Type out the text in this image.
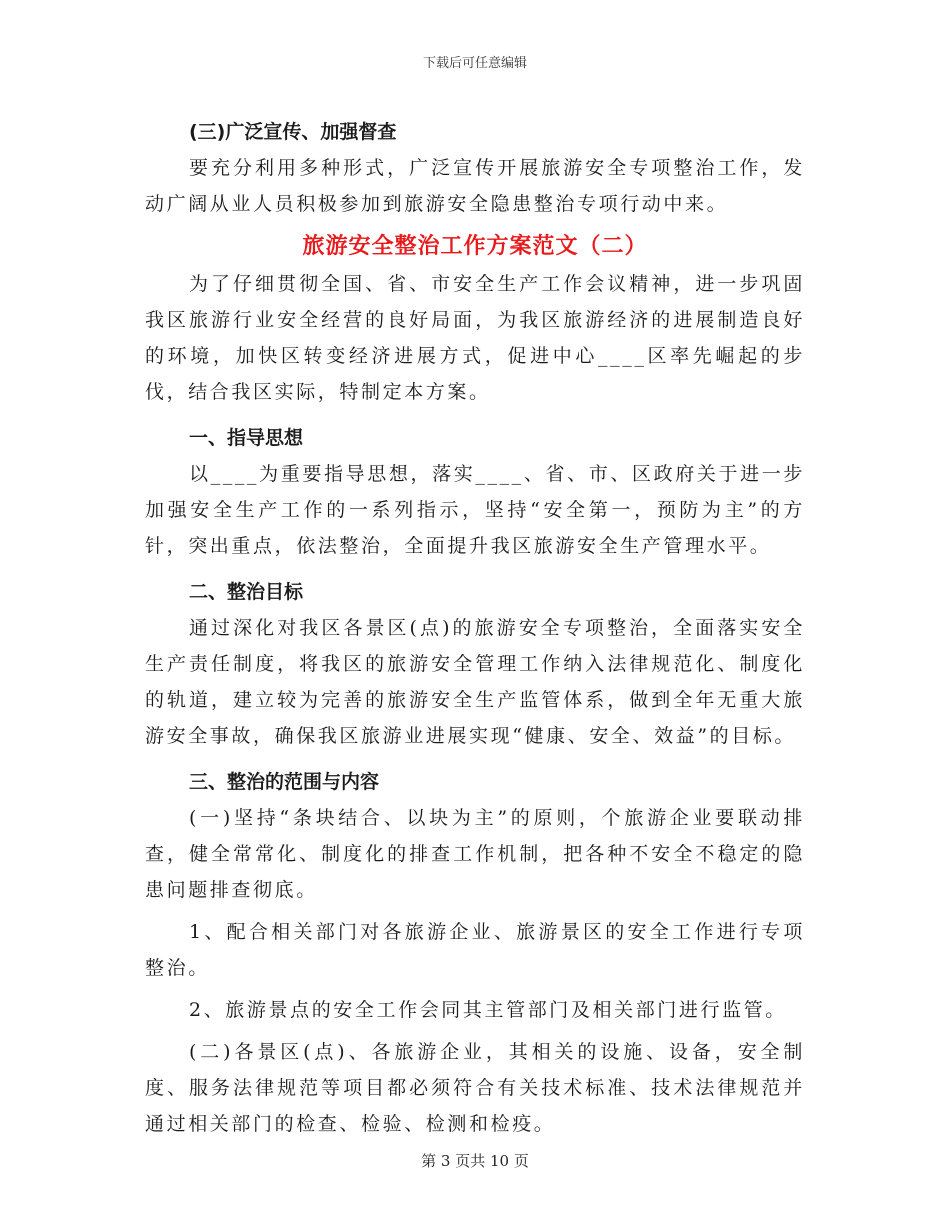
下载后可任意编辑
(三)广泛宣传、加强督查

要充分利用多种形式，广泛宣传开展旅游安全专项整治工作，发动广阔从业人员积极参加到旅游安全隐患整治专项行动中来。

旅游安全整治工作方案范文（二）

为了仔细贯彻全国、省、市安全生产工作会议精神，进一步巩固我区旅游行业安全经营的良好局面，为我区旅游经济的进展制造良好的环境，加快区转变经济进展方式，促进中心____区率先崛起的步伐，结合我区实际，特制定本方案。

一、指导思想

以____为重要指导思想，落实____、省、市、区政府关于进一步加强安全生产工作的一系列指示，坚持“安全第一，预防为主”的方针，突出重点，依法整治，全面提升我区旅游安全生产管理水平。

二、整治目标

通过深化对我区各景区(点)的旅游安全专项整治，全面落实安全生产责任制度，将我区的旅游安全管理工作纳入法律规范化、制度化的轨道，建立较为完善的旅游安全生产监管体系，做到全年无重大旅游安全事故，确保我区旅游业进展实现“健康、安全、效益”的目标。

三、整治的范围与内容

(一)坚持“条块结合、以块为主”的原则，个旅游企业要联动排查，健全常常化、制度化的排查工作机制，把各种不安全不稳定的隐患问题排查彻底。

1、配合相关部门对各旅游企业、旅游景区的安全工作进行专项整治。

2、旅游景点的安全工作会同其主管部门及相关部门进行监管。

(二)各景区(点)、各旅游企业，其相关的设施、设备，安全制度、服务法律规范等项目都必须符合有关技术标准、技术法律规范并通过相关部门的检查、检验、检测和检疫。

第 3 页共 10 页
